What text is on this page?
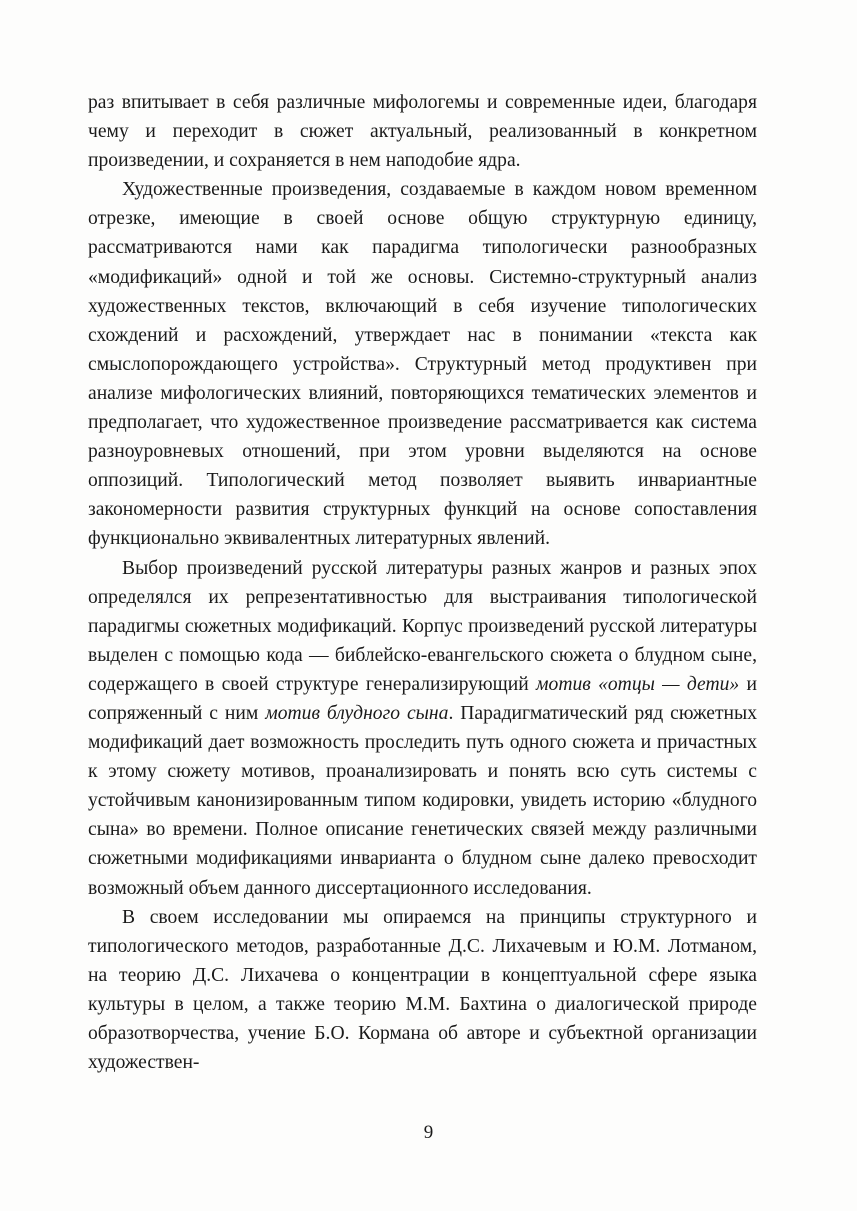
раз впитывает в себя различные мифологемы и современные идеи, благодаря чему и переходит в сюжет актуальный, реализованный в конкретном произведении, и сохраняется в нем наподобие ядра.

Художественные произведения, создаваемые в каждом новом временном отрезке, имеющие в своей основе общую структурную единицу, рассматриваются нами как парадигма типологически разнообразных «модификаций» одной и той же основы. Системно-структурный анализ художественных текстов, включающий в себя изучение типологических схождений и расхождений, утверждает нас в понимании «текста как смыслопорождающего устройства». Структурный метод продуктивен при анализе мифологических влияний, повторяющихся тематических элементов и предполагает, что художественное произведение рассматривается как система разноуровневых отношений, при этом уровни выделяются на основе оппозиций. Типологический метод позволяет выявить инвариантные закономерности развития структурных функций на основе сопоставления функционально эквивалентных литературных явлений.

Выбор произведений русской литературы разных жанров и разных эпох определялся их репрезентативностью для выстраивания типологической парадигмы сюжетных модификаций. Корпус произведений русской литературы выделен с помощью кода — библейско-евангельского сюжета о блудном сыне, содержащего в своей структуре генерализирующий мотив «отцы — дети» и сопряженный с ним мотив блудного сына. Парадигматический ряд сюжетных модификаций дает возможность проследить путь одного сюжета и причастных к этому сюжету мотивов, проанализировать и понять всю суть системы с устойчивым канонизированным типом кодировки, увидеть историю «блудного сына» во времени. Полное описание генетических связей между различными сюжетными модификациями инварианта о блудном сыне далеко превосходит возможный объем данного диссертационного исследования.

В своем исследовании мы опираемся на принципы структурного и типологического методов, разработанные Д.С. Лихачевым и Ю.М. Лотманом, на теорию Д.С. Лихачева о концентрации в концептуальной сфере языка культуры в целом, а также теорию М.М. Бахтина о диалогической природе образотворчества, учение Б.О. Кормана об авторе и субъектной организации художествен-

9
